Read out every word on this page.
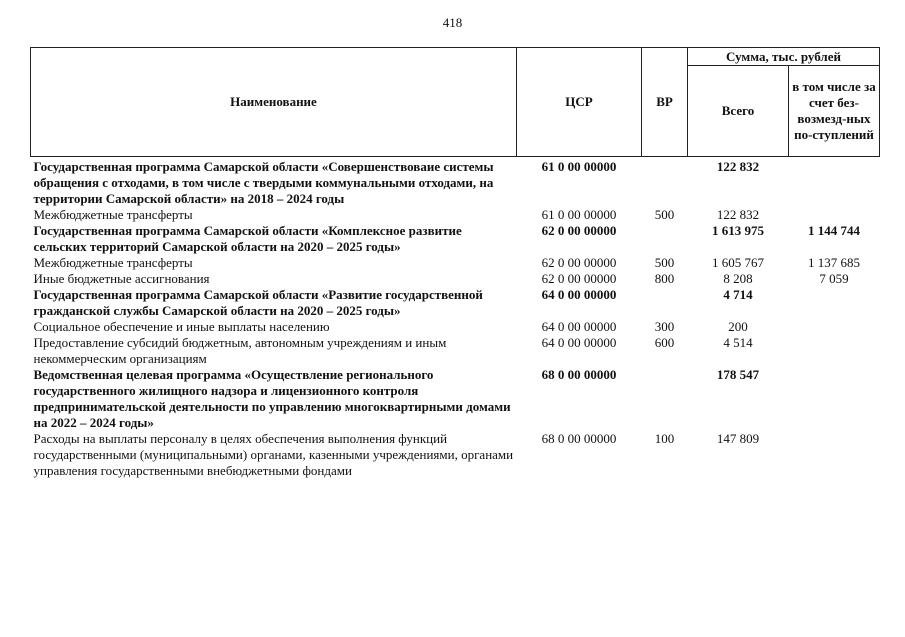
418
Наименование	ЦСР	ВР	Сумма, тыс. рублей	
			Всего	в том числе за счет без-возмезд-ных по-ступлений
Государственная программа Самарской области «Совершенствоваие системы обращения с отходами, в том числе с твердыми коммунальными отходами, на территории Самарской области» на 2018 – 2024 годы	61 0 00 00000		122 832	
Межбюджетные трансферты	61 0 00 00000	500	122 832	
Государственная программа Самарской области «Комплексное развитие сельских территорий Самарской области на 2020 – 2025 годы»	62 0 00 00000		1 613 975	1 144 744
Межбюджетные трансферты	62 0 00 00000	500	1 605 767	1 137 685
Иные бюджетные ассигнования	62 0 00 00000	800	8 208	7 059
Государственная программа Самарской области «Развитие государственной гражданской службы Самарской области на 2020 – 2025 годы»	64 0 00 00000		4 714	
Социальное обеспечение и иные выплаты населению	64 0 00 00000	300	200	
Предоставление субсидий бюджетным, автономным учреждениям и иным некоммерческим организациям	64 0 00 00000	600	4 514	
Ведомственная целевая программа «Осуществление регионального государственного жилищного надзора и лицензионного контроля предпринимательской деятельности по управлению многоквартирными домами на 2022 – 2024 годы»	68 0 00 00000		178 547	
Расходы на выплаты персоналу в целях обеспечения выполнения функций государственными (муниципальными) органами, казенными учреждениями, органами управления государственными внебюджетными фондами	68 0 00 00000	100	147 809	
